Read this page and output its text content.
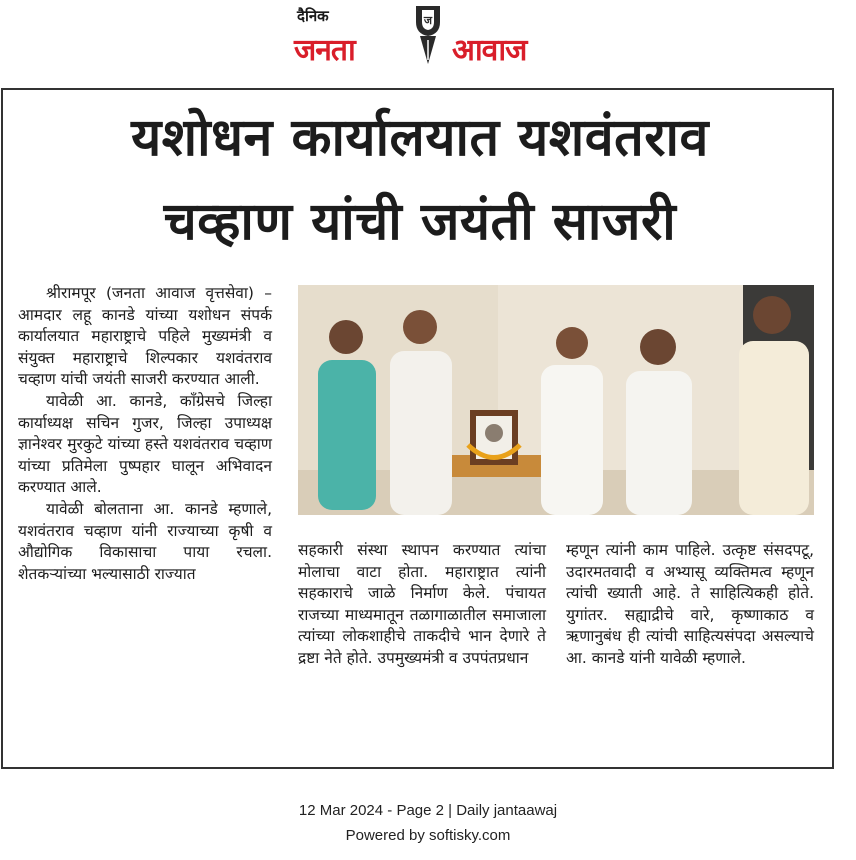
दैनिक
जनता
ज
आवाज
यशोधन कार्यालयात यशवंतराव
चव्हाण यांची जयंती साजरी

श्रीरामपूर (जनता आवाज वृत्तसेवा) – आमदार लहू कानडे यांच्या यशोधन संपर्क कार्यालयात महाराष्ट्राचे पहिले मुख्यमंत्री व संयुक्त महाराष्ट्राचे शिल्पकार यशवंतराव चव्हाण यांची जयंती साजरी करण्यात आली.

यावेळी आ. कानडे, काँग्रेसचे जिल्हा कार्याध्यक्ष सचिन गुजर, जिल्हा उपाध्यक्ष ज्ञानेश्वर मुरकुटे यांच्या हस्ते यशवंतराव चव्हाण यांच्या प्रतिमेला पुष्पहार घालून अभिवादन करण्यात आले.

यावेळी बोलताना आ. कानडे म्हणाले, यशवंतराव चव्हाण यांनी राज्याच्या कृषी व औद्योगिक विकासाचा पाया रचला. शेतकऱ्यांच्या भल्यासाठी राज्यात

सहकारी संस्था स्थापन करण्यात त्यांचा मोलाचा वाटा होता. महाराष्ट्रात त्यांनी सहकाराचे जाळे निर्माण केले. पंचायत राजच्या माध्यमातून तळागाळातील समाजाला त्यांच्या लोकशाहीचे ताकदीचे भान देणारे ते द्रष्टा नेते होते. उपमुख्यमंत्री व उपपंतप्रधान

म्हणून त्यांनी काम पाहिले. उत्कृष्ट संसदपटू, उदारमतवादी व अभ्यासू व्यक्तिमत्व म्हणून त्यांची ख्याती आहे. ते साहित्यिकही होते. युगांतर. सह्याद्रीचे वारे, कृष्णाकाठ व ऋणानुबंध ही त्यांची साहित्यसंपदा असल्याचे आ. कानडे यांनी यावेळी म्हणाले.

12 Mar 2024 - Page 2 | Daily jantaawaj
Powered by softisky.com
